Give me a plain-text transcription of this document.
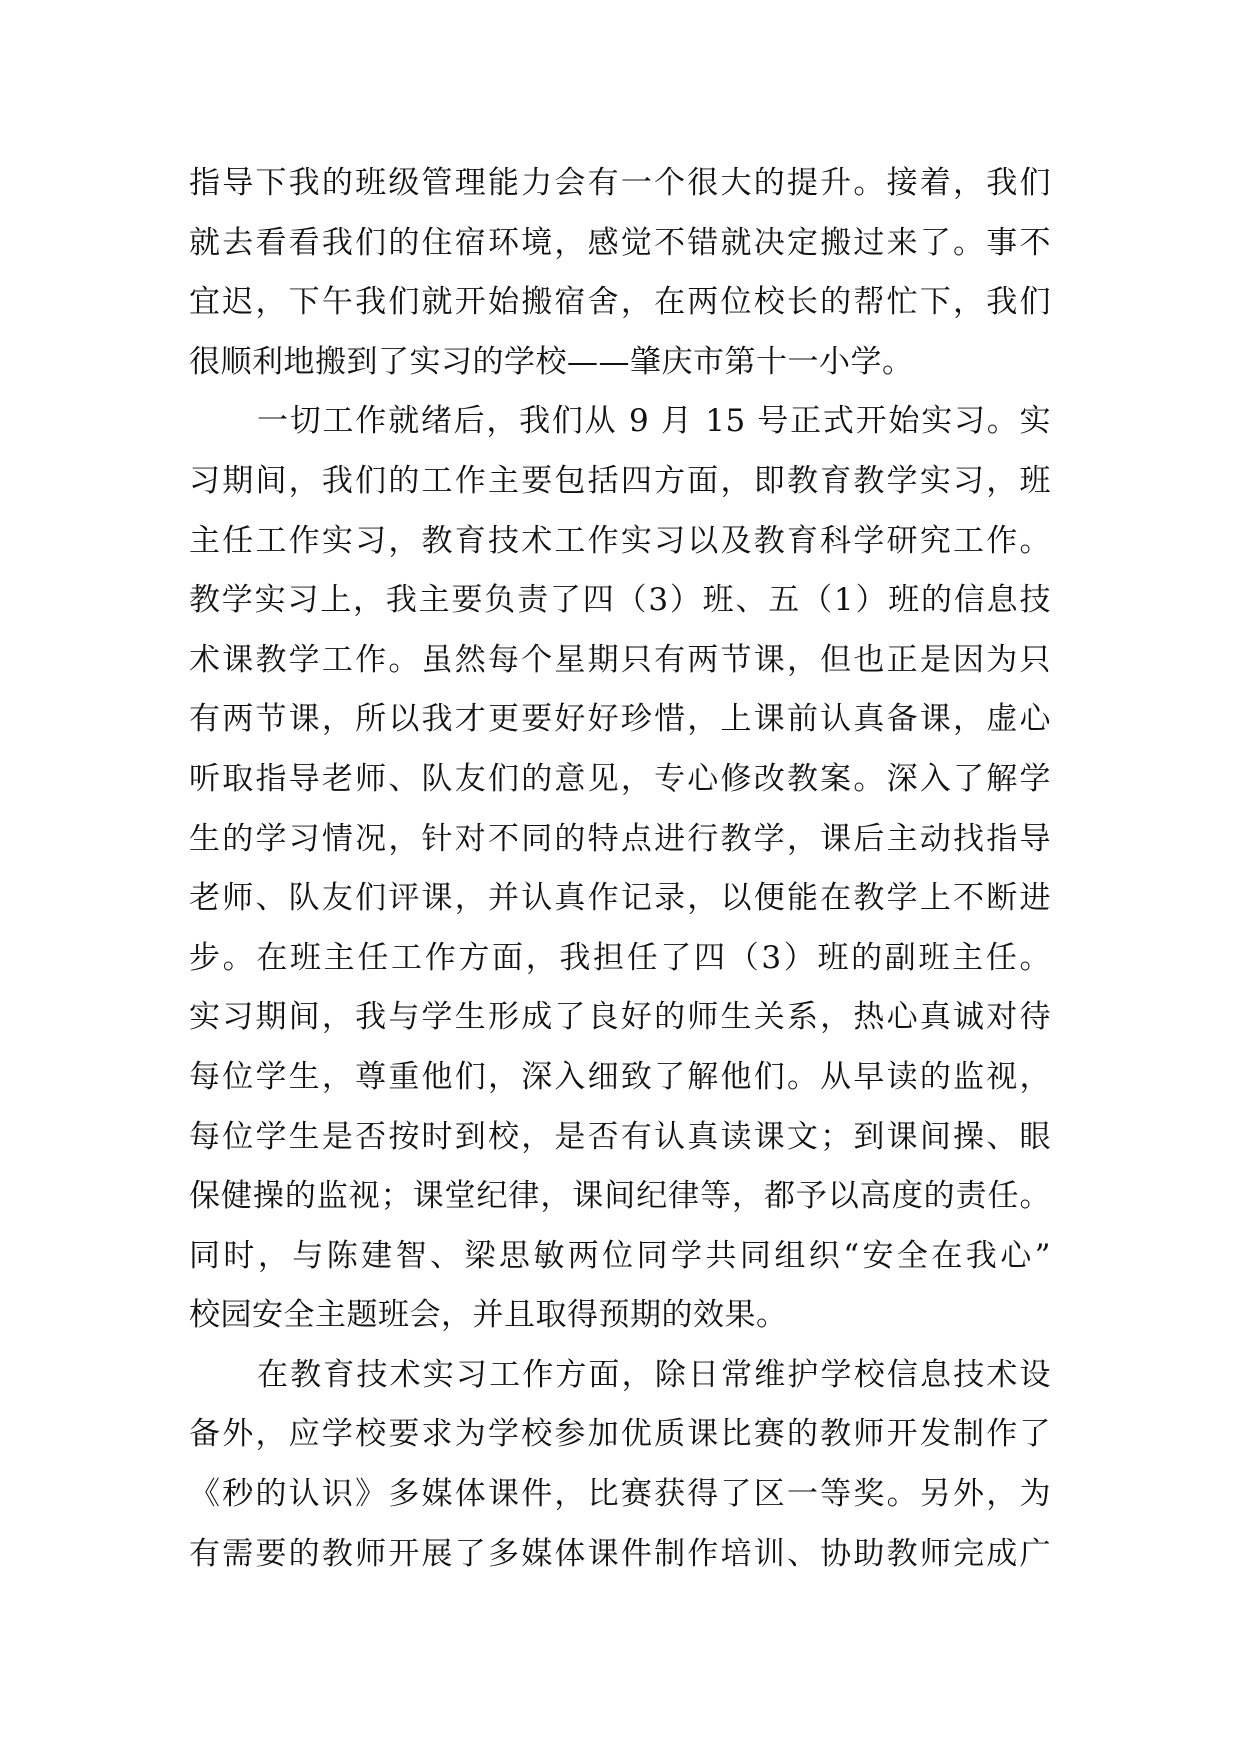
指导下我的班级管理能力会有一个很大的提升。接着，我们
就去看看我们的住宿环境，感觉不错就决定搬过来了。事不
宜迟，下午我们就开始搬宿舍，在两位校长的帮忙下，我们
很顺利地搬到了实习的学校——肇庆市第十一小学。
一切工作就绪后，我们从 9 月 15 号正式开始实习。实
习期间，我们的工作主要包括四方面，即教育教学实习，班
主任工作实习，教育技术工作实习以及教育科学研究工作。
教学实习上，我主要负责了四（3）班、五（1）班的信息技
术课教学工作。虽然每个星期只有两节课，但也正是因为只
有两节课，所以我才更要好好珍惜，上课前认真备课，虚心
听取指导老师、队友们的意见，专心修改教案。深入了解学
生的学习情况，针对不同的特点进行教学，课后主动找指导
老师、队友们评课，并认真作记录，以便能在教学上不断进
步。在班主任工作方面，我担任了四（3）班的副班主任。
实习期间，我与学生形成了良好的师生关系，热心真诚对待
每位学生，尊重他们，深入细致了解他们。从早读的监视，
每位学生是否按时到校，是否有认真读课文；到课间操、眼
保健操的监视；课堂纪律，课间纪律等，都予以高度的责任。
同时，与陈建智、梁思敏两位同学共同组织“安全在我心”
校园安全主题班会，并且取得预期的效果。
在教育技术实习工作方面，除日常维护学校信息技术设
备外，应学校要求为学校参加优质课比赛的教师开发制作了
《秒的认识》多媒体课件，比赛获得了区一等奖。另外，为
有需要的教师开展了多媒体课件制作培训、协助教师完成广
